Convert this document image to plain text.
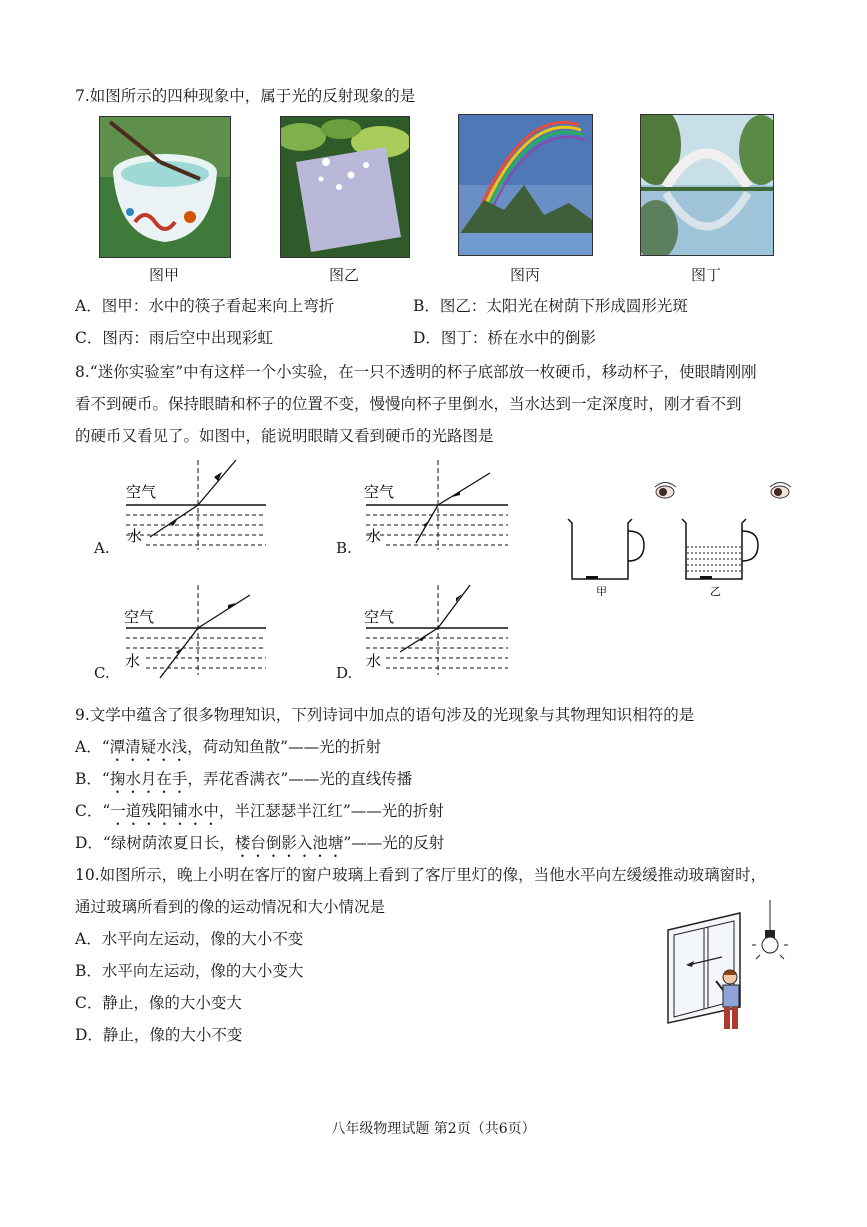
7.如图所示的四种现象中，属于光的反射现象的是
图甲	图乙	图丙	图丁
A．图甲：水中的筷子看起来向上弯折	B．图乙：太阳光在树荫下形成圆形光斑
C．图丙：雨后空中出现彩虹	D．图丁：桥在水中的倒影
8.“迷你实验室”中有这样一个小实验，在一只不透明的杯子底部放一枚硬币，移动杯子，使眼睛刚刚
看不到硬币。保持眼睛和杯子的位置不变，慢慢向杯子里倒水，当水达到一定深度时，刚才看不到
的硬币又看见了。如图中，能说明眼睛又看到硬币的光路图是
空气
水
A.
空气
水
B.
空气
水
C.
空气
水
D.
甲	乙
9.文学中蕴含了很多物理知识，下列诗词中加点的语句涉及的光现象与其物理知识相符的是
A．“潭清疑水浅，荷动知鱼散”——光的折射
B．“掬水月在手，弄花香满衣”——光的直线传播
C．“一道残阳铺水中，半江瑟瑟半江红”——光的折射
D．“绿树荫浓夏日长，楼台倒影入池塘”——光的反射
10.如图所示，晚上小明在客厅的窗户玻璃上看到了客厅里灯的像，当他水平向左缓缓推动玻璃窗时，
通过玻璃所看到的像的运动情况和大小情况是
A．水平向左运动，像的大小不变
B．水平向左运动，像的大小变大
C．静止，像的大小变大
D．静止，像的大小不变
八年级物理试题 第2页（共6页）
